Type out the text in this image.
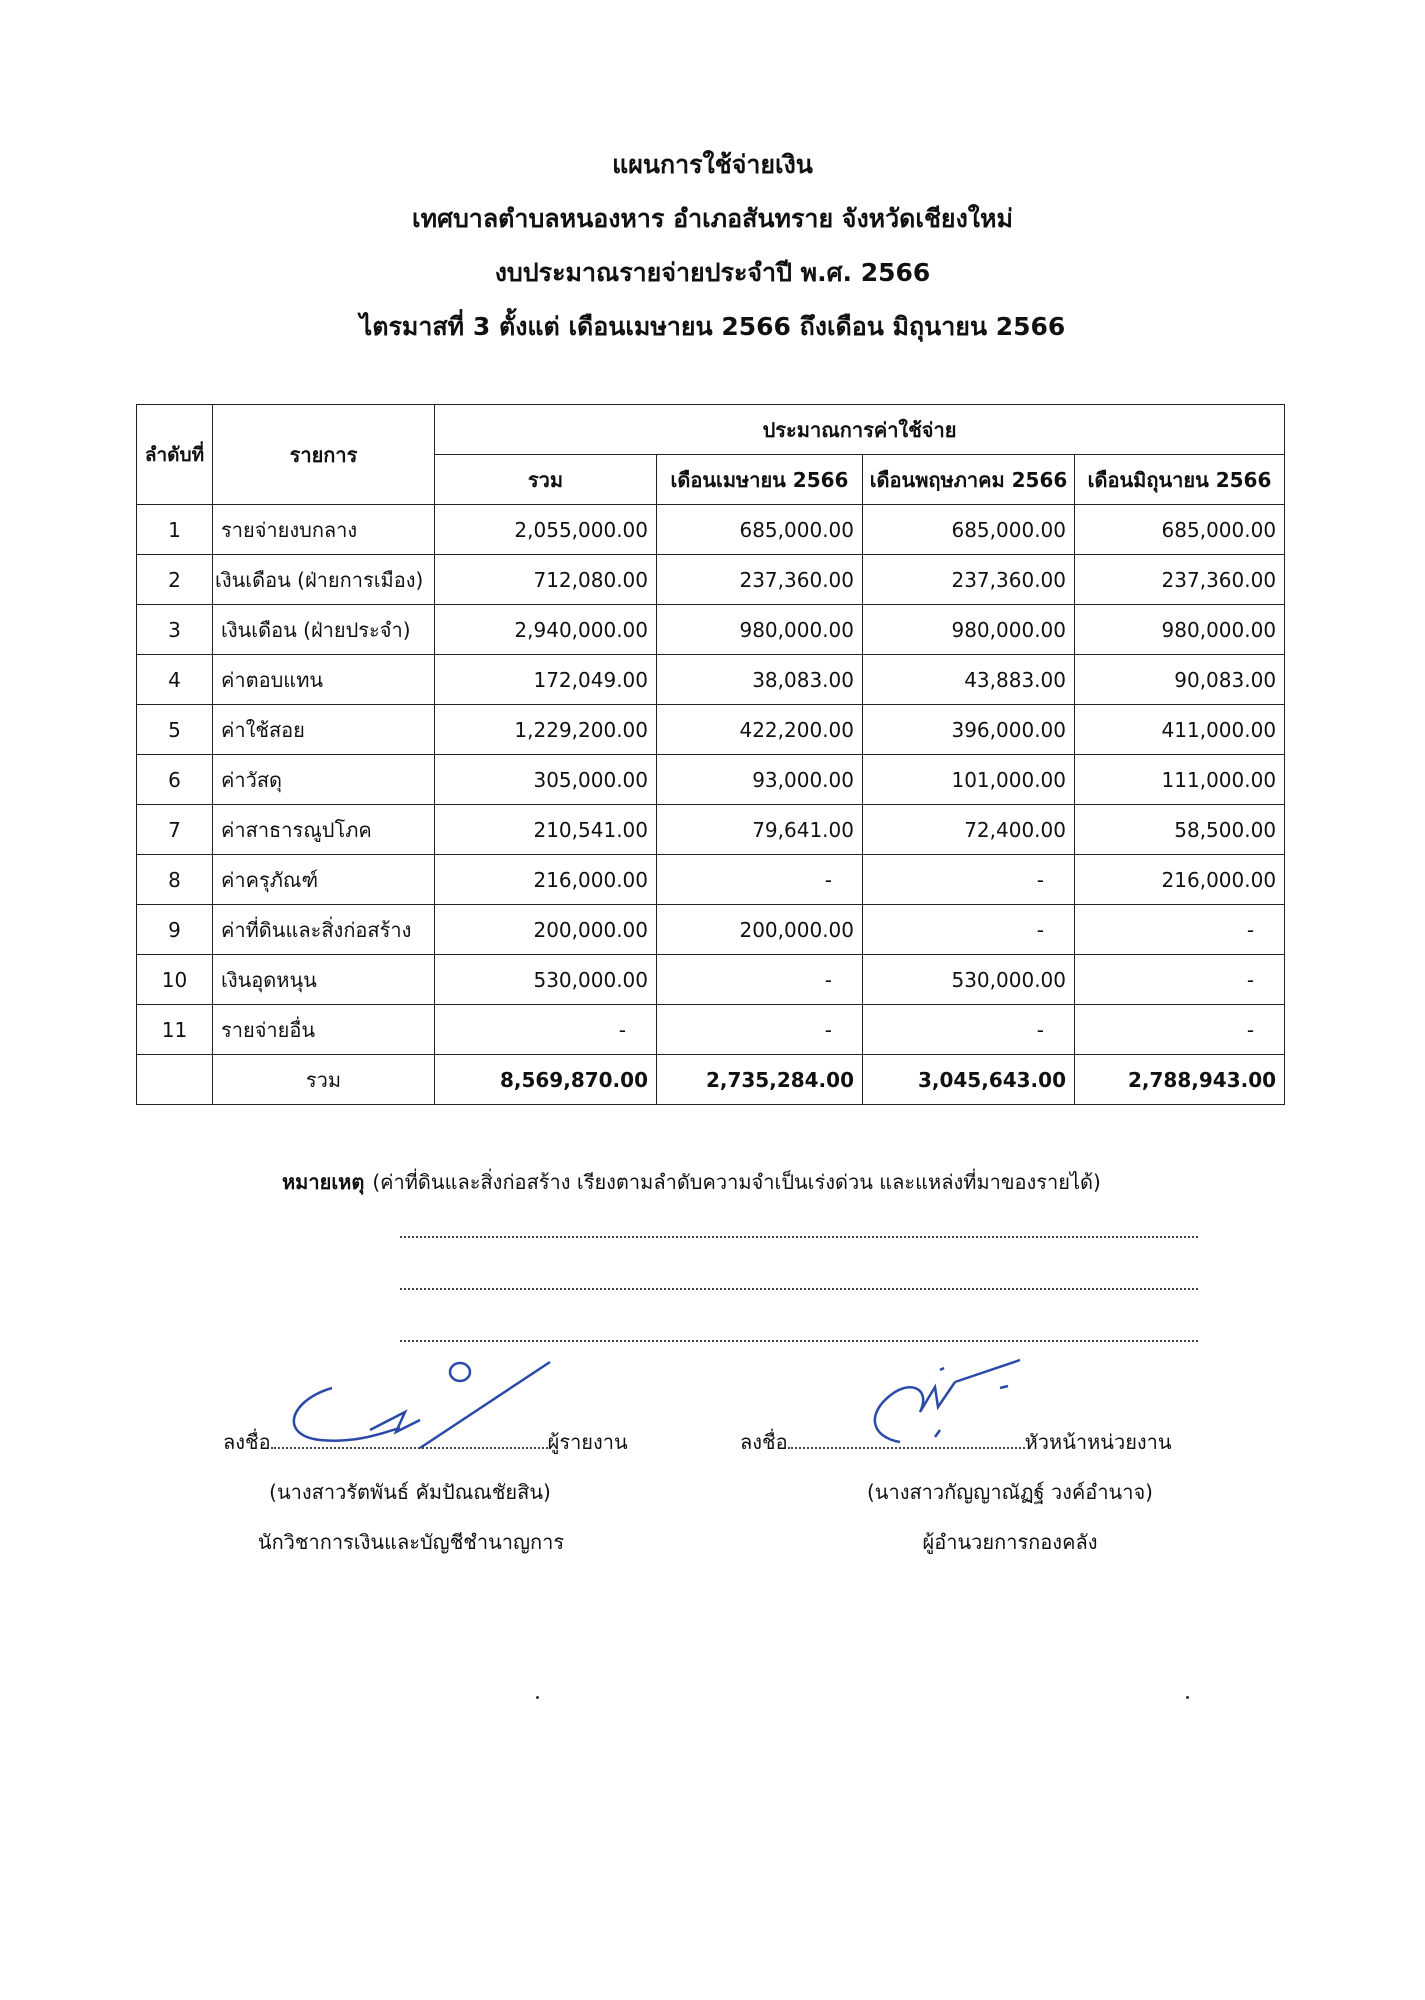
แผนการใช้จ่ายเงิน
เทศบาลตำบลหนองหาร อำเภอสันทราย จังหวัดเชียงใหม่
งบประมาณรายจ่ายประจำปี พ.ศ. 2566
ไตรมาสที่ 3 ตั้งแต่ เดือนเมษายน 2566 ถึงเดือน มิถุนายน 2566
ลำดับที่	รายการ	ประมาณการค่าใช้จ่าย			
		รวม	เดือนเมษายน 2566	เดือนพฤษภาคม 2566	เดือนมิถุนายน 2566
1	รายจ่ายงบกลาง	2,055,000.00	685,000.00	685,000.00	685,000.00
2	เงินเดือน (ฝ่ายการเมือง)	712,080.00	237,360.00	237,360.00	237,360.00
3	เงินเดือน (ฝ่ายประจำ)	2,940,000.00	980,000.00	980,000.00	980,000.00
4	ค่าตอบแทน	172,049.00	38,083.00	43,883.00	90,083.00
5	ค่าใช้สอย	1,229,200.00	422,200.00	396,000.00	411,000.00
6	ค่าวัสดุ	305,000.00	93,000.00	101,000.00	111,000.00
7	ค่าสาธารณูปโภค	210,541.00	79,641.00	72,400.00	58,500.00
8	ค่าครุภัณฑ์	216,000.00	-	-	216,000.00
9	ค่าที่ดินและสิ่งก่อสร้าง	200,000.00	200,000.00	-	-
10	เงินอุดหนุน	530,000.00	-	530,000.00	-
11	รายจ่ายอื่น	-	-	-	-
	รวม	8,569,870.00	2,735,284.00	3,045,643.00	2,788,943.00
หมายเหตุ (ค่าที่ดินและสิ่งก่อสร้าง เรียงตามลำดับความจำเป็นเร่งด่วน และแหล่งที่มาของรายได้)
ลงชื่อ	ผู้รายงาน
(นางสาวรัตพันธ์ คัมปัณณชัยสิน)
นักวิชาการเงินและบัญชีชำนาญการ
ลงชื่อ	หัวหน้าหน่วยงาน
(นางสาวกัญญาณัฏฐ์ วงค์อำนาจ)
ผู้อำนวยการกองคลัง
